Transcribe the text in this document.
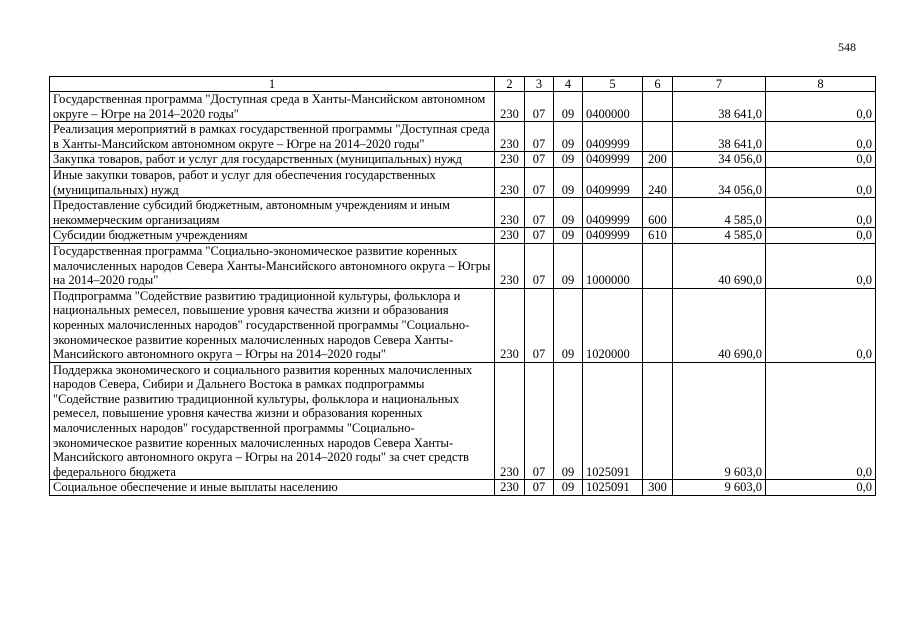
548
1	2	3	4	5	6	7	8
Государственная программа "Доступная среда в Ханты-Мансийском автономном округе – Югре на 2014–2020 годы"	230	07	09	0400000		38 641,0	0,0
Реализация мероприятий в рамках государственной программы "Доступная среда в Ханты-Мансийском автономном округе – Югре на 2014–2020 годы"	230	07	09	0409999		38 641,0	0,0
Закупка товаров, работ и услуг для государственных (муниципальных) нужд	230	07	09	0409999	200	34 056,0	0,0
Иные закупки товаров, работ и услуг для обеспечения государственных (муниципальных) нужд	230	07	09	0409999	240	34 056,0	0,0
Предоставление субсидий бюджетным, автономным учреждениям и иным некоммерческим организациям	230	07	09	0409999	600	4 585,0	0,0
Субсидии бюджетным учреждениям	230	07	09	0409999	610	4 585,0	0,0
Государственная программа "Социально-экономическое развитие коренных малочисленных народов Севера Ханты-Мансийского автономного округа – Югры на 2014–2020 годы"	230	07	09	1000000		40 690,0	0,0
Подпрограмма "Содействие развитию традиционной культуры, фольклора и национальных ремесел, повышение уровня качества жизни и образования коренных малочисленных народов" государственной программы "Социально-экономическое развитие коренных малочисленных народов Севера Ханты-Мансийского автономного округа – Югры на 2014–2020 годы"	230	07	09	1020000		40 690,0	0,0
Поддержка экономического и социального развития коренных малочисленных народов Севера, Сибири и Дальнего Востока в рамках подпрограммы "Содействие развитию традиционной культуры, фольклора и национальных ремесел, повышение уровня качества жизни и образования коренных малочисленных народов" государственной программы "Социально-экономическое развитие коренных малочисленных народов Севера Ханты-Мансийского автономного округа – Югры на 2014–2020 годы" за счет средств федерального бюджета	230	07	09	1025091		9 603,0	0,0
Социальное обеспечение и иные выплаты населению	230	07	09	1025091	300	9 603,0	0,0
